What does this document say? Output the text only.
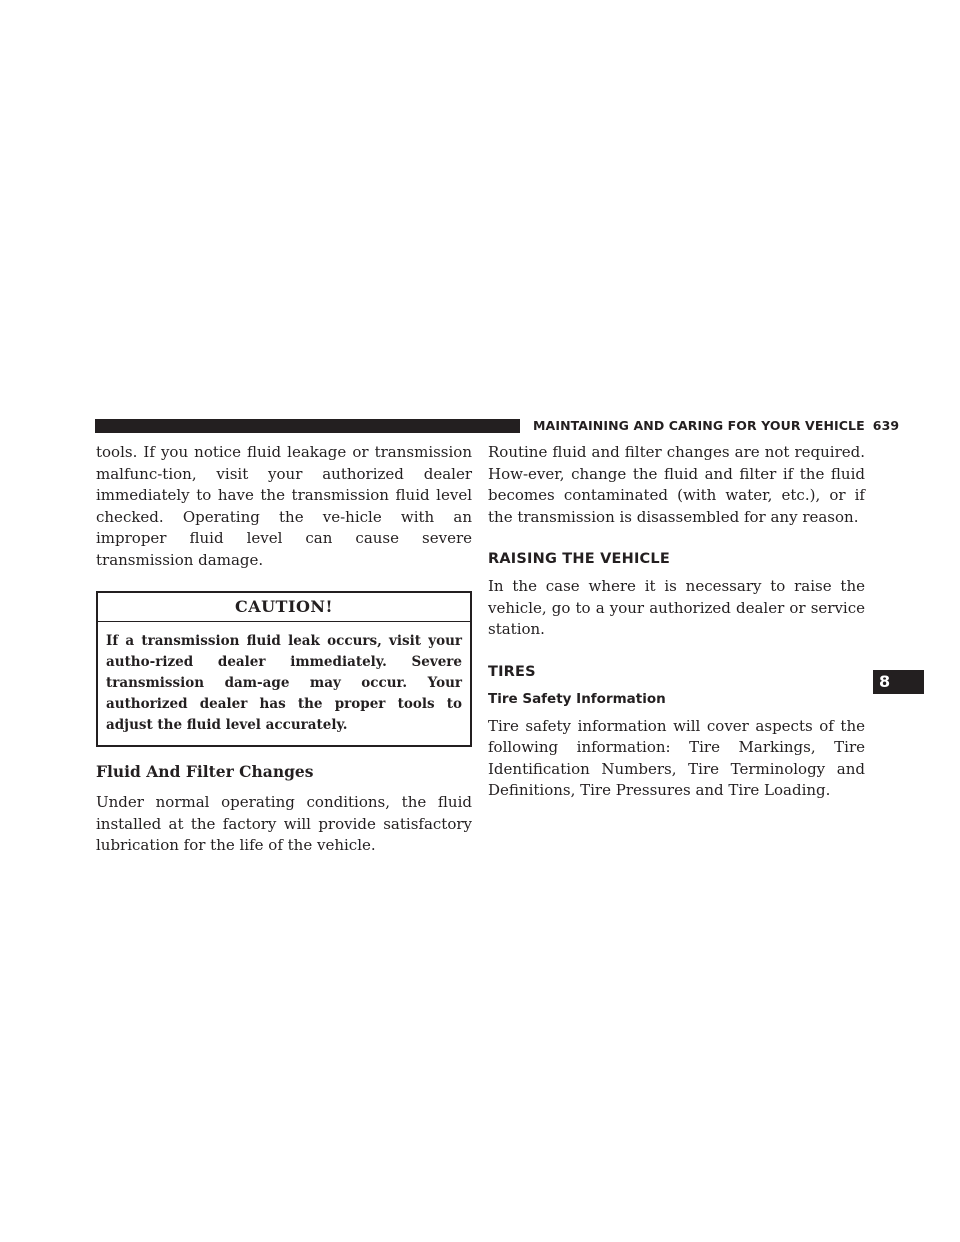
MAINTAINING AND CARING FOR YOUR VEHICLE 639

tools. If you notice fluid leakage or transmission malfunc-tion, visit your authorized dealer immediately to have the transmission fluid level checked. Operating the ve-hicle with an improper fluid level can cause severe transmission damage.

CAUTION!

If a transmission fluid leak occurs, visit your autho-rized dealer immediately. Severe transmission dam-age may occur. Your authorized dealer has the proper tools to adjust the fluid level accurately.

Fluid And Filter Changes

Under normal operating conditions, the fluid installed at the factory will provide satisfactory lubrication for the life of the vehicle.

Routine fluid and filter changes are not required. How-ever, change the fluid and filter if the fluid becomes contaminated (with water, etc.), or if the transmission is disassembled for any reason.

RAISING THE VEHICLE

In the case where it is necessary to raise the vehicle, go to a your authorized dealer or service station.

TIRES
Tire Safety Information

Tire safety information will cover aspects of the following information: Tire Markings, Tire Identification Numbers, Tire Terminology and Definitions, Tire Pressures and Tire Loading.

8
